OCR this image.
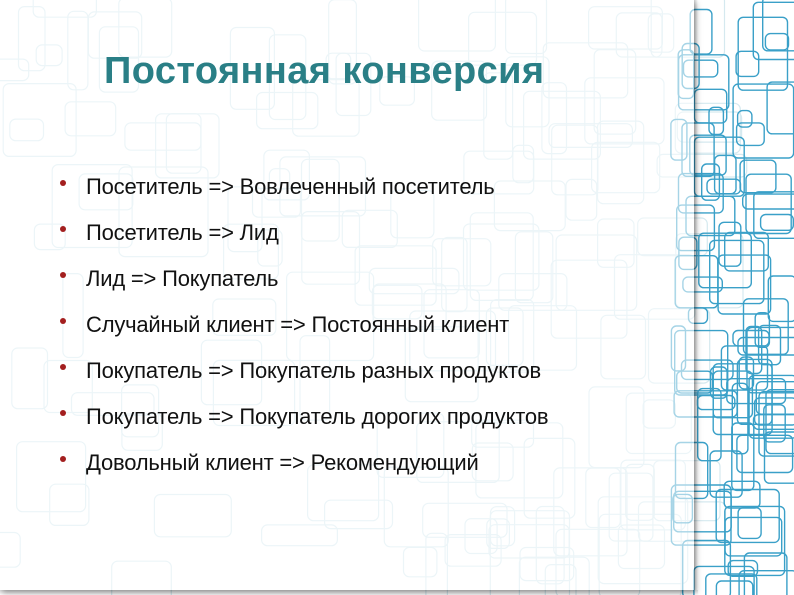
Постоянная конверсия
Посетитель => Вовлеченный посетитель
Посетитель => Лид
Лид => Покупатель
Случайный клиент => Постоянный клиент
Покупатель => Покупатель разных продуктов
Покупатель => Покупатель дорогих продуктов
Довольный клиент => Рекомендующий
